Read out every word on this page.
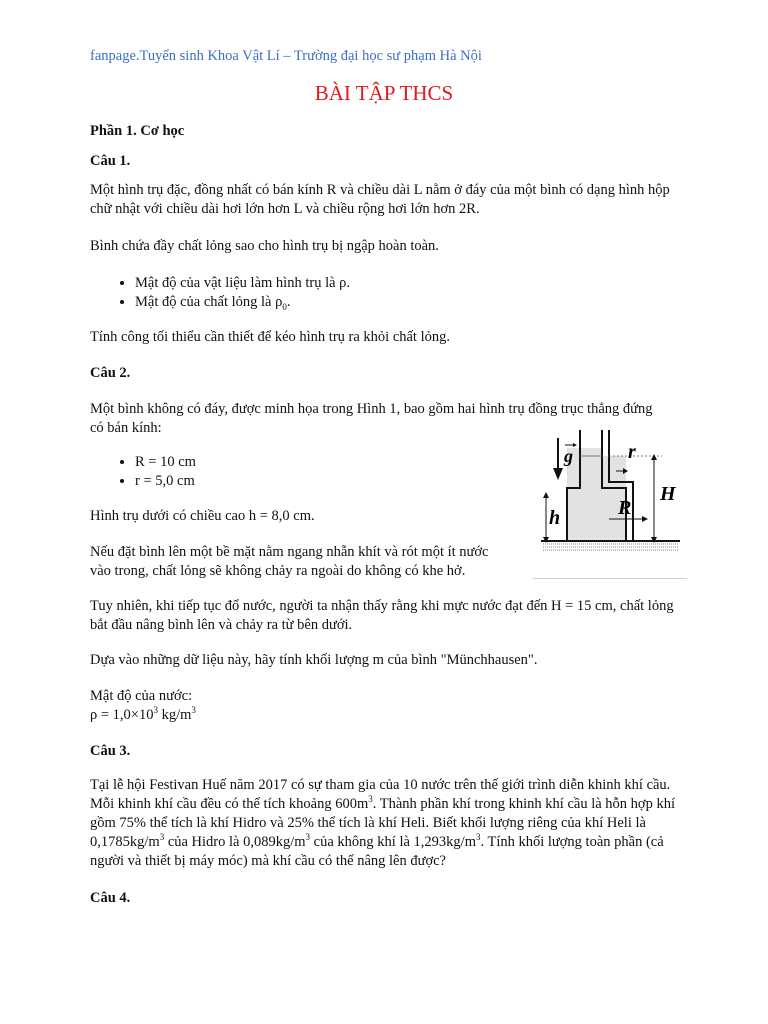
fanpage.Tuyển sinh Khoa Vật Lí – Trường đại học sư phạm Hà Nội

BÀI TẬP THCS

Phần 1. Cơ học

Câu 1.

Một hình trụ đặc, đồng nhất có bán kính R và chiều dài L nằm ở đáy của một bình có dạng hình hộp chữ nhật với chiều dài hơi lớn hơn L và chiều rộng hơi lớn hơn 2R.

Bình chứa đầy chất lỏng sao cho hình trụ bị ngập hoàn toàn.

• Mật độ của vật liệu làm hình trụ là ρ.
• Mật độ của chất lỏng là $\rho_0$.

Tính công tối thiểu cần thiết để kéo hình trụ ra khỏi chất lỏng.

Câu 2.

Một bình không có đáy, được minh họa trong Hình 1, bao gồm hai hình trụ đồng trục thẳng đứng

có bán kính:

• R = 10 cm
• r = 5,0 cm

Hình trụ dưới có chiều cao h = 8,0 cm.

Nếu đặt bình lên một bề mặt nằm ngang nhẵn khít và rót một ít nước

vào trong, chất lỏng sẽ không chảy ra ngoài do không có khe hở.

g	r
R
H
h

Tuy nhiên, khi tiếp tục đổ nước, người ta nhận thấy rằng khi mực nước đạt đến H = 15 cm, chất lỏng bắt đầu nâng bình lên và chảy ra từ bên dưới.

Dựa vào những dữ liệu này, hãy tính khối lượng m của bình "Münchhausen".

Mật độ của nước:

$\rho = 1,0\times 10^3$ $kg/m^3$

Câu 3.

Tại lễ hội Festivan Huế năm 2017 có sự tham gia của 10 nước trên thế giới trình diễn khinh khí cầu. Mỗi khinh khí cầu đều có thể tích khoảng $600m^3$. Thành phần khí trong khinh khí cầu là hỗn hợp khí gồm 75% thể tích là khí Hidro và 25% thể tích là khí Heli. Biết khối lượng riêng của khí Heli là $0,1785kg/m^3$ của Hidro là $0,089kg/m^3$ của không khí là $1,293kg/m^3$. Tính khối lượng toàn phần (cả người và thiết bị máy móc) mà khí cầu có thể nâng lên được?

Câu 4.
